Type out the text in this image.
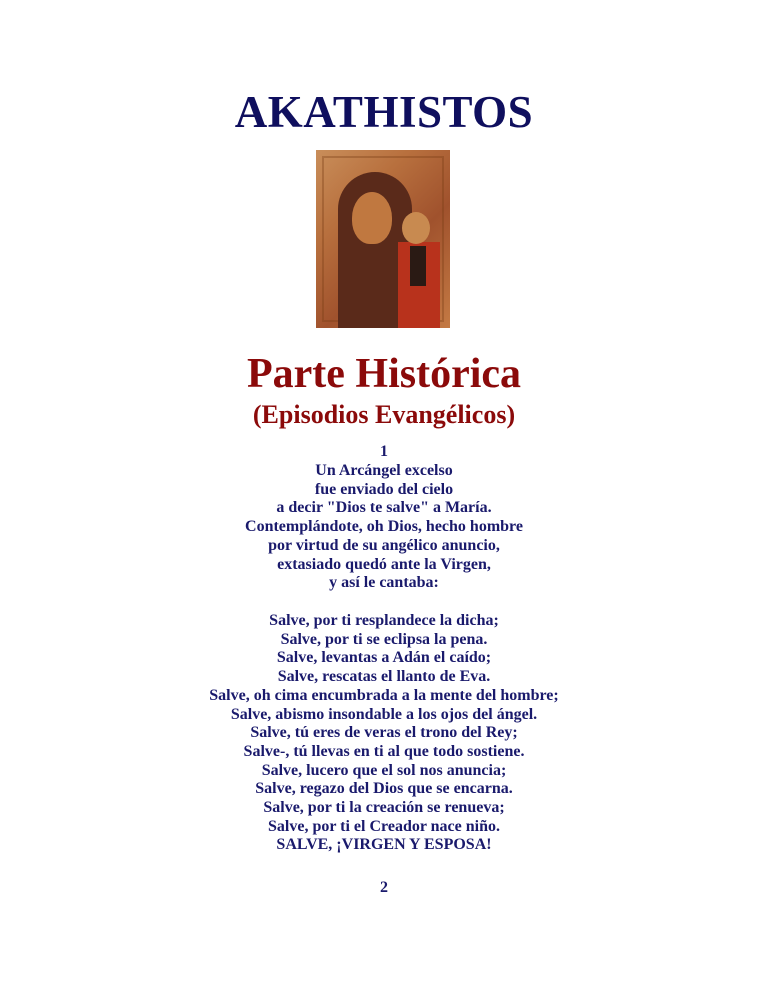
AKATHISTOS
Parte Histórica
(Episodios Evangélicos)
1
Un Arcángel excelso
fue enviado del cielo
a decir "Dios te salve" a María.
Contemplándote, oh Dios, hecho hombre
por virtud de su angélico anuncio,
extasiado quedó ante la Virgen,
y así le cantaba:
Salve, por ti resplandece la dicha;
Salve, por ti se eclipsa la pena.
Salve, levantas a Adán el caído;
Salve, rescatas el llanto de Eva.
Salve, oh cima encumbrada a la mente del hombre;
Salve, abismo insondable a los ojos del ángel.
Salve, tú eres de veras el trono del Rey;
Salve-, tú llevas en ti al que todo sostiene.
Salve, lucero que el sol nos anuncia;
Salve, regazo del Dios que se encarna.
Salve, por ti la creación se renueva;
Salve, por ti el Creador nace niño.
SALVE, ¡VIRGEN Y ESPOSA!
2
